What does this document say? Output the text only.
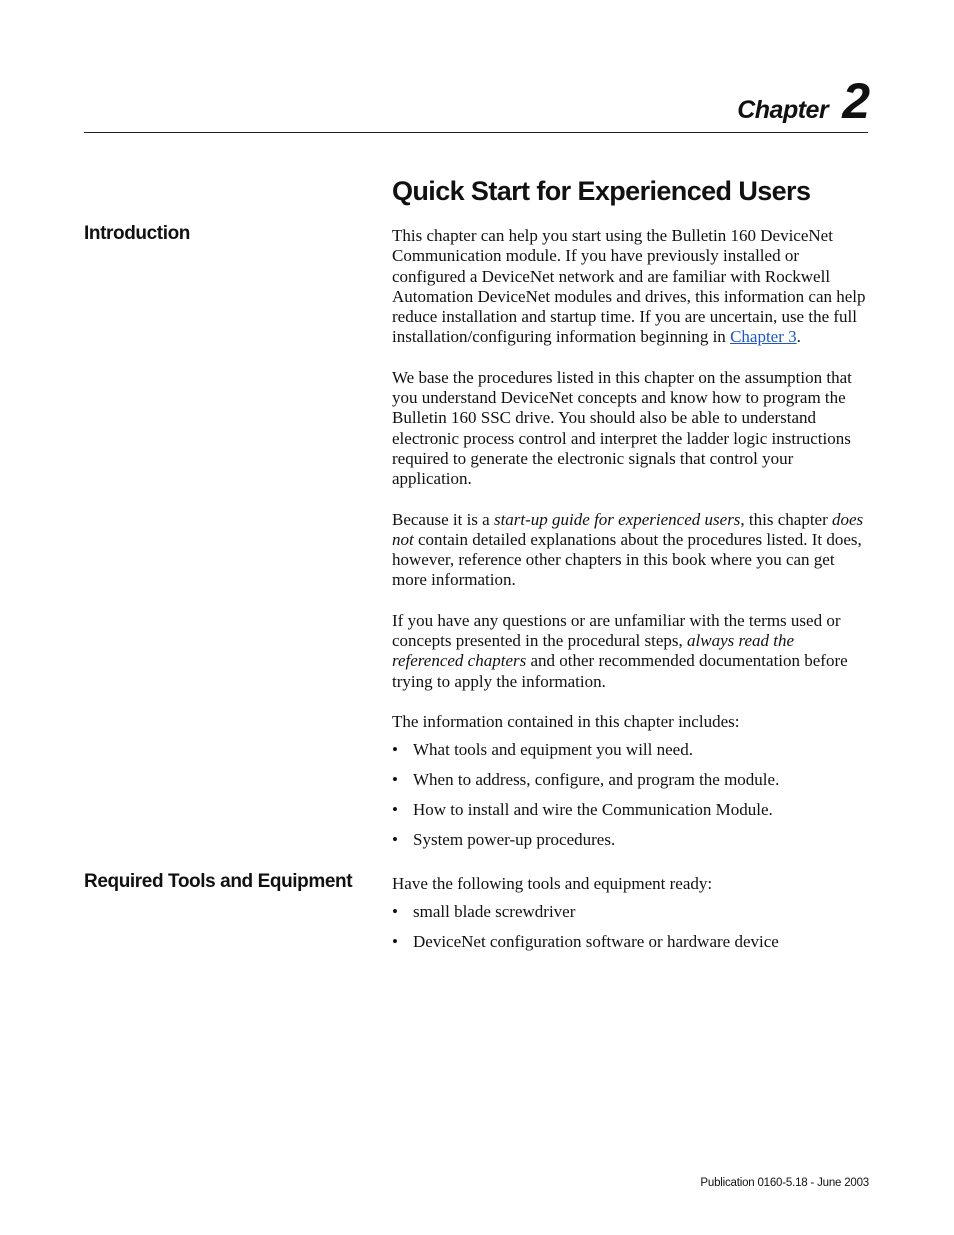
Chapter 2
Quick Start for Experienced Users
Introduction	This chapter can help you start using the Bulletin 160 DeviceNet Communication module. If you have previously installed or configured a DeviceNet network and are familiar with Rockwell Automation DeviceNet modules and drives, this information can help reduce installation and startup time. If you are uncertain, use the full installation/configuring information beginning in Chapter 3.

We base the procedures listed in this chapter on the assumption that you understand DeviceNet concepts and know how to program the Bulletin 160 SSC drive. You should also be able to understand electronic process control and interpret the ladder logic instructions required to generate the electronic signals that control your application.

Because it is a start-up guide for experienced users, this chapter does not contain detailed explanations about the procedures listed. It does, however, reference other chapters in this book where you can get more information.

If you have any questions or are unfamiliar with the terms used or concepts presented in the procedural steps, always read the referenced chapters and other recommended documentation before trying to apply the information.

The information contained in this chapter includes:

• What tools and equipment you will need.
• When to address, configure, and program the module.
• How to install and wire the Communication Module.
• System power-up procedures.
Required Tools and Equipment Have the following tools and equipment ready:

• small blade screwdriver
• DeviceNet configuration software or hardware device
Publication 0160-5.18 - June 2003
